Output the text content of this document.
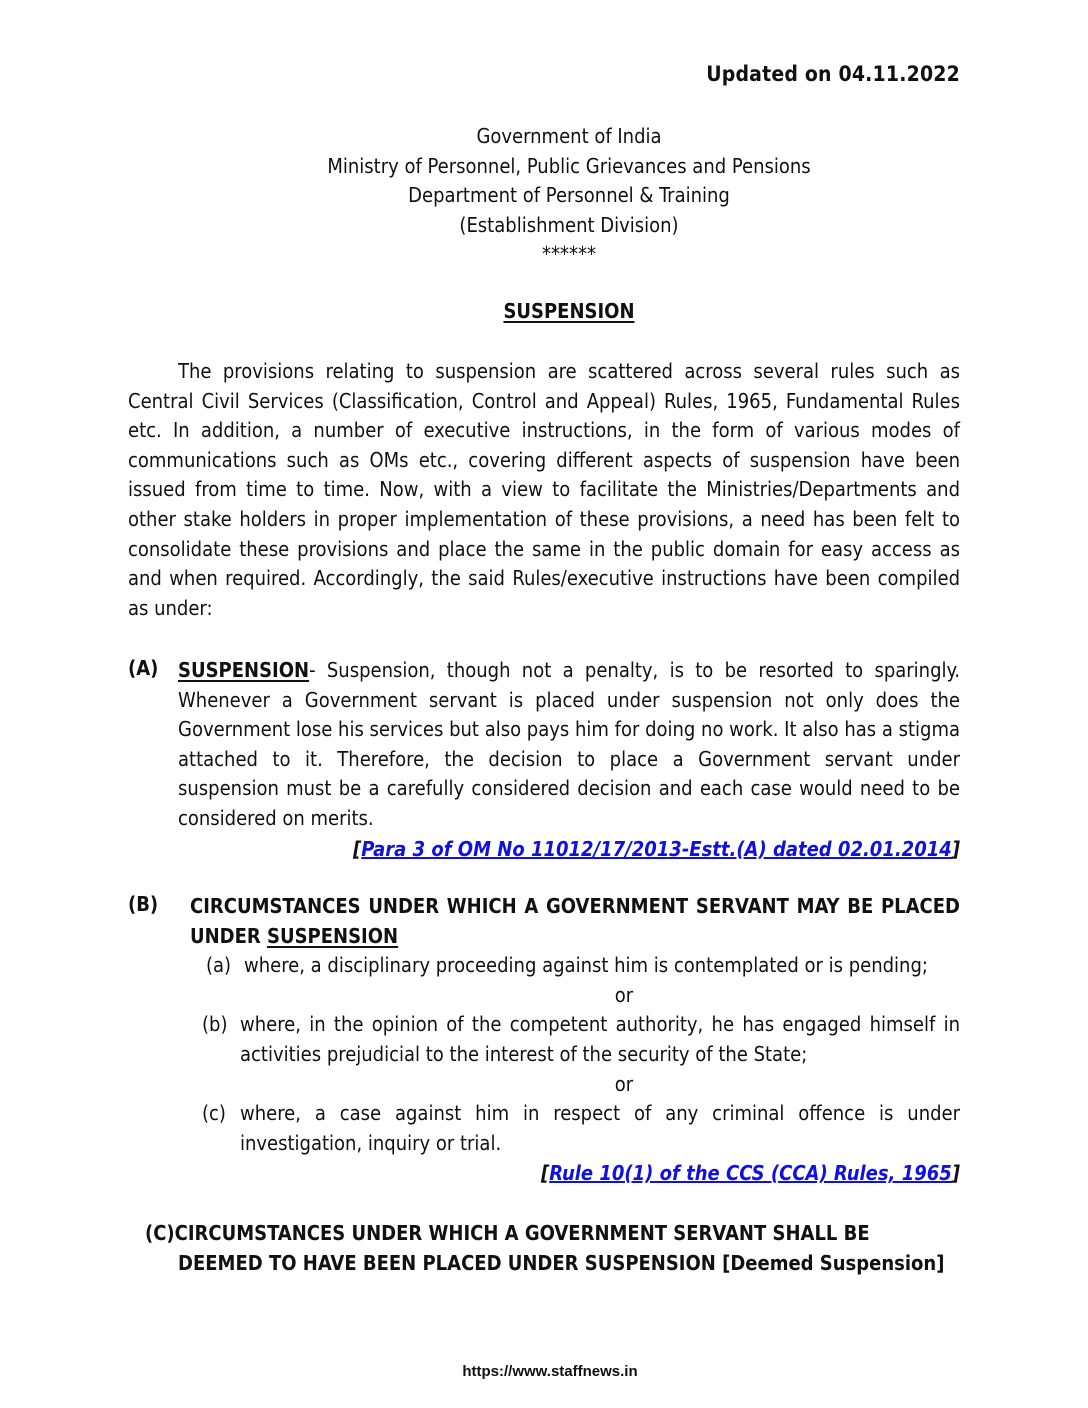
Updated on 04.11.2022
Government of India
Ministry of Personnel, Public Grievances and Pensions
Department of Personnel & Training
(Establishment Division)
******
SUSPENSION
The provisions relating to suspension are scattered across several rules such as Central Civil Services (Classification, Control and Appeal) Rules, 1965, Fundamental Rules etc. In addition, a number of executive instructions, in the form of various modes of communications such as OMs etc., covering different aspects of suspension have been issued from time to time. Now, with a view to facilitate the Ministries/Departments and other stake holders in proper implementation of these provisions, a need has been felt to consolidate these provisions and place the same in the public domain for easy access as and when required. Accordingly, the said Rules/executive instructions have been compiled as under:
(A) SUSPENSION- Suspension, though not a penalty, is to be resorted to sparingly. Whenever a Government servant is placed under suspension not only does the Government lose his services but also pays him for doing no work. It also has a stigma attached to it. Therefore, the decision to place a Government servant under suspension must be a carefully considered decision and each case would need to be considered on merits.
[Para 3 of OM No 11012/17/2013-Estt.(A) dated 02.01.2014]
(B) CIRCUMSTANCES UNDER WHICH A GOVERNMENT SERVANT MAY BE PLACED UNDER SUSPENSION
(a) where, a disciplinary proceeding against him is contemplated or is pending;
or
(b) where, in the opinion of the competent authority, he has engaged himself in activities prejudicial to the interest of the security of the State;
or
(c) where, a case against him in respect of any criminal offence is under investigation, inquiry or trial.
[Rule 10(1) of the CCS (CCA) Rules, 1965]
(C)CIRCUMSTANCES UNDER WHICH A GOVERNMENT SERVANT SHALL BE
DEEMED TO HAVE BEEN PLACED UNDER SUSPENSION [Deemed Suspension]
https://www.staffnews.in
